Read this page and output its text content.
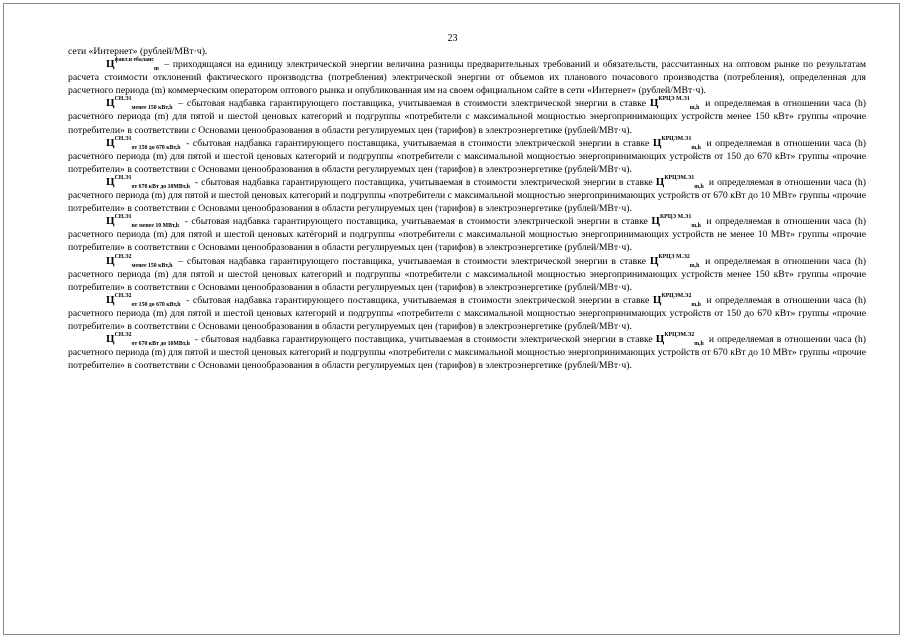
23

сети «Интернет» (рублей/МВт·ч).

$Ц^{факт.н ебаланс}_m$ – приходящаяся на единицу электрической энергии величина разницы предварительных требований и обязательств, рассчитанных на оптовом рынке по результатам расчета стоимости отклонений фактического производства (потребления) электрической энергии от объемов их планового почасового производства (потребления), определенная для расчетного периода (m) коммерческим оператором оптового рынка и опубликованная им на своем официальном сайте в сети «Интернет» (рублей/МВт·ч).

$Ц^{СН.Э1}_{менее 150 кВт,h}$ – сбытовая надбавка гарантирующего поставщика, учитываемая в стоимости электрической энергии в ставке $Ц^{КРЦЭ М.Э1}_{m,h}$ и определяемая в отношении часа (h) расчетного периода (m) для пятой и шестой ценовых категорий и подгруппы «потребители с максимальной мощностью энергопринимающих устройств менее 150 кВт» группы «прочие потребители» в соответствии с Основами ценообразования в области регулируемых цен (тарифов) в электроэнергетике (рублей/МВт·ч).

$Ц^{СН.Э1}_{от 150 до 670 кВт,h}$ - сбытовая надбавка гарантирующего поставщика, учитываемая в стоимости электрической энергии в ставке $Ц^{КРЦЭМ.Э1}_{m,h}$ и определяемая в отношении часа (h) расчетного периода (m) для пятой и шестой ценовых категорий и подгруппы «потребители с максимальной мощностью энергопринимающих устройств от 150 до 670 кВт» группы «прочие потребители» в соответствии с Основами ценообразования в области регулируемых цен (тарифов) в электроэнергетике (рублей/МВт·ч).

$Ц^{СН.Э1}_{от 670 кВт до 10МВт,h}$ - сбытовая надбавка гарантирующего поставщика, учитываемая в стоимости электрической энергии в ставке $Ц^{КРЦЭМ.Э1}_{m,h}$ и определяемая в отношении часа (h) расчетного периода (m) для пятой и шестой ценовых категорий и подгруппы «потребители с максимальной мощностью энергопринимающих устройств от 670 кВт до 10 МВт» группы «прочие потребители» в соответствии с Основами ценообразования в области регулируемых цен (тарифов) в электроэнергетике (рублей/МВт·ч).

$Ц^{СН.Э1}_{не менее 10 МВт,h}$ - сбытовая надбавка гарантирующего поставщика, учитываемая в стоимости электрической энергии в ставке $Ц^{КРЦЭ М.Э1}_{m,h}$ и определяемая в отношении часа (h) расчетного периода (m) для пятой и шестой ценовых катёгорий и подгруппы «потребители с максимальной мощностью энергопринимающих устройств не менее 10 МВт» группы «прочие потребители» в соответствии с Основами ценообразования в области регулируемых цен (тарифов) в электроэнергетике (рублей/МВт·ч).

$Ц^{СН.Э2}_{менее 150 кВт,h}$ – сбытовая надбавка гарантирующего поставщика, учитываемая в стоимости электрической энергии в ставке $Ц^{КРЦЭ М.Э2}_{m,h}$ и определяемая в отношении часа (h) расчетного периода (m) для пятой и шестой ценовых категорий и подгруппы «потребители с максимальной мощностью энергопринимающих устройств менее 150 кВт» группы «прочие потребители» в соответствии с Основами ценообразования в области регулируемых цен (тарифов) в электроэнергетике (рублей/МВт·ч).

$Ц^{СН.Э2}_{от 150 до 670 кВт,h}$ - сбытовая надбавка гарантирующего поставщика, учитываемая в стоимости электрической энергии в ставке $Ц^{КРЦЭМ.Э2}_{m,h}$ и определяемая в отношении часа (h) расчетного периода (m) для пятой и шестой ценовых категорий и подгруппы «потребители с максимальной мощностью энергопринимающих устройств от 150 до 670 кВт» группы «прочие потребители» в соответствии с Основами ценообразования в области регулируемых цен (тарифов) в электроэнергетике (рублей/МВт·ч).

$Ц^{СН.Э2}_{от 670 кВт до 10МВт,h}$ - сбытовая надбавка гарантирующего поставщика, учитываемая в стоимости электрической энергии в ставке $Ц^{КРЦЭМ.Э2}_{m,h}$ и определяемая в отношении часа (h) расчетного периода (m) для пятой и шестой ценовых категорий и подгруппы «потребители с максимальной мощностью энергопринимающих устройств от 670 кВт до 10 МВт» группы «прочие потребители» в соответствии с Основами ценообразования в области регулируемых цен (тарифов) в электроэнергетике (рублей/МВт·ч).
